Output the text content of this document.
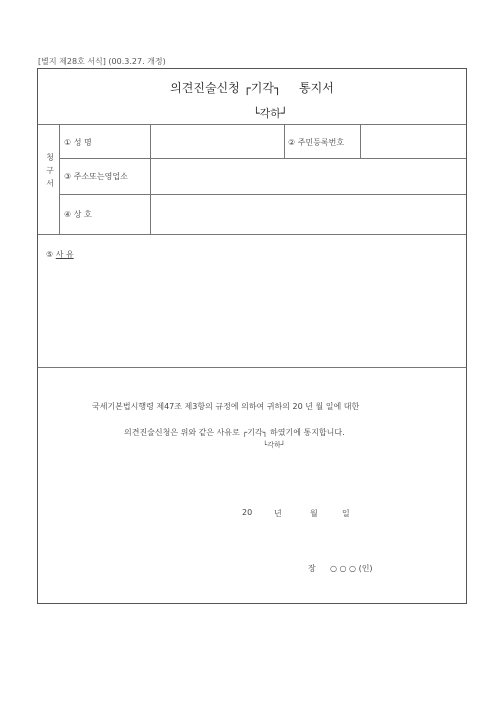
[별지 제28호 서식] (00.3.27. 개정)
의견진술신청 ┌기각┐ 통지서
└각하┘
청
구
서
① 성 명	② 주민등록번호
③ 주소또는영업소
④ 상 호
⑤ 사 유
국세기본법시행령 제47조 제3항의 규정에 의하여 귀하의 20 년 월 일에 대한
의견진술신청은 위와 같은 사유로 ┌기각┐ 하였기에 통지합니다.
└각하┘
20	년	월	일
장 ○ ○ ○ (인)
